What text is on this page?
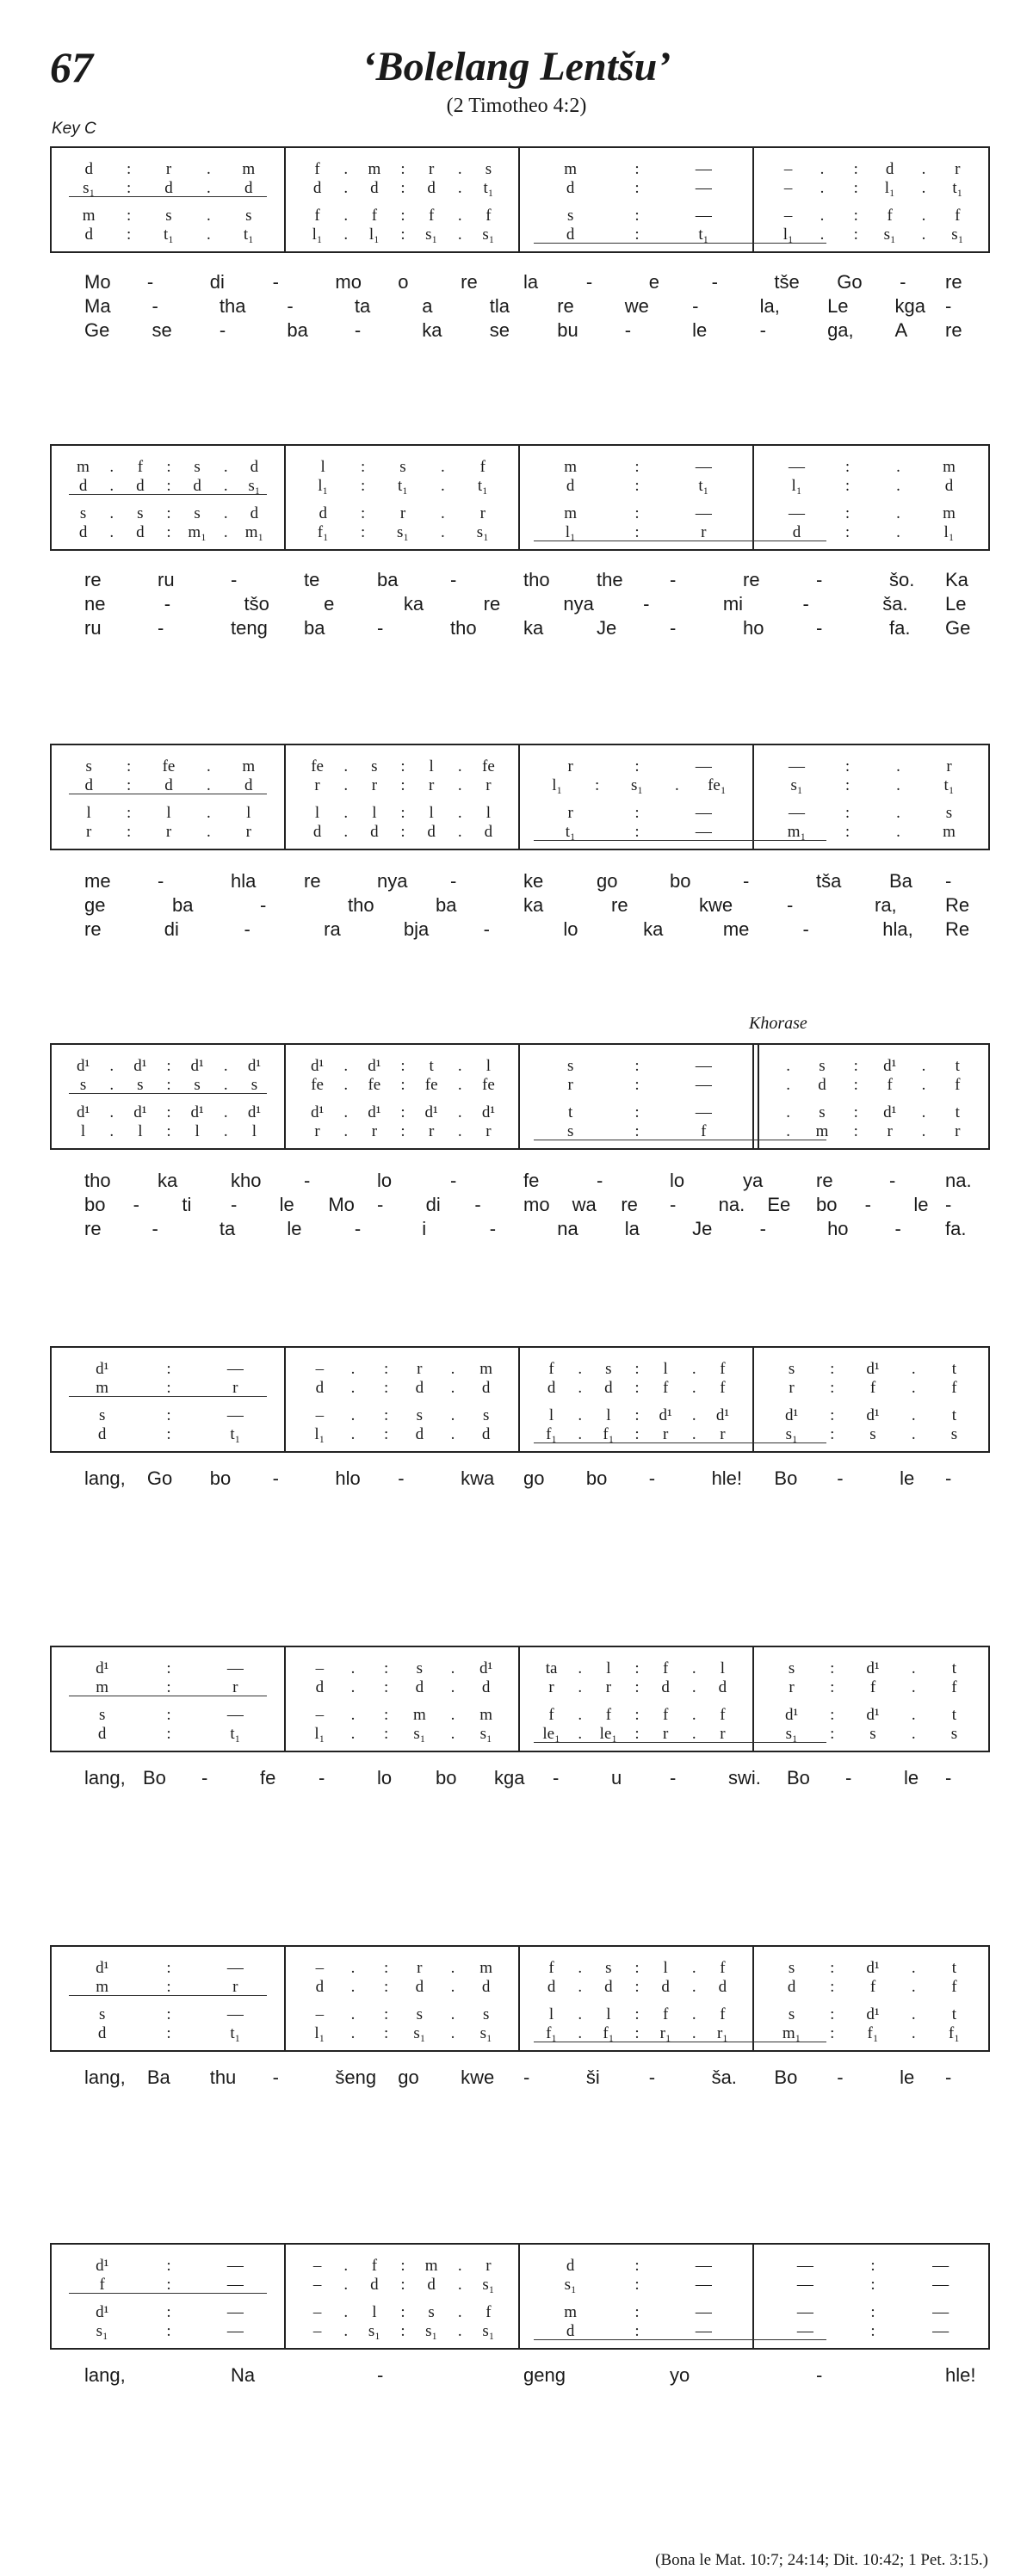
67	‘Bolelang Lentšu’
(2 Timotheo 4:2)
Key C
Khorase
d	:	r	.	m	f	.	m	:	r	.	s	m	:	—	–	.	:	d	.	r
s₁	:	d	.	d	d	.	d	:	d	.	t₁	d	:	—	–	.	:	l₁	.	t₁
m	:	s	.	s	f	.	f	:	f	.	f	s	:	—	–	.	:	f	.	f
d	:	t₁	.	t₁	l₁	.	l₁	:	s₁	.	s₁	d	:	t₁	l₁	.	:	s₁	.	s₁
Mo -	di	-	mo o	re la	-	e	-	tše Go - re
Ma -	tha -	ta	a	tla	re	we -	la,	Le kga -
Ge se	-	ba -	ka	se	bu -	le	-	ga, A re
m	.	f	:	s	.	d	l	:	s	.	f	m	:	—	—	:	.	m
d	.	d	:	d	.	s₁	l₁	:	t₁	.	t₁	d	:	t₁	l₁	:	.	d
s	.	s	:	s	.	d	d	:	r	.	r	m	:	—	—	:	.	m
d	.	d	:	m₁	.	m₁	f₁	:	s₁	.	s₁	l₁	:	r	d	:	.	l₁
re	ru	-	te	ba	-	tho the -	re	-	šo. Ka
ne	-	tšo	e	ka	re	nya	-	mi	-	ša. Le
ru	-	teng ba	-	tho ka	Je	-	ho	-	fa. Ge
s	:	fe	.	m	fe	.	s	:	l	.	fe	r	:	—	—	:	.	r
d	:	d	.	d	r	.	r	:	r	.	r	l₁	:	s₁	.	fe₁	s₁	:	.	t₁
l	:	l	.	l	l	.	l	:	l	.	l	r	:	—	—	:	.	s
r	:	r	.	r	d	.	d	:	d	.	d	t₁	:	—	m₁	:	.	m
me -	hla	re	nya -	ke	go	bo	-	tša	Ba -
ge	ba	-	tho	ba	ka	re	kwe	-	ra,	Re
re	di	-	ra	bja	-	lo	ka	me	-	hla, Re
d¹	.	d¹	:	d¹	.	d¹	d¹	.	d¹	:	t	.	l	s	:	—	.	s	:	d¹	.	t
s	.	s	:	s	.	s	fe	.	fe	:	fe	.	fe	r	:	—	.	d	:	f	.	f
d¹	.	d¹	:	d¹	.	d¹	d¹	.	d¹	:	d¹	.	d¹	t	:	—	.	s	:	d¹	.	t
l	.	l	:	l	.	l	r	.	r	:	r	.	r	s	:	f	.	m	:	r	.	r
tho ka	kho -	lo	-	fe	-	lo	ya	re	-	na.
bo - ti - le Mo - di - mo wa re - na. Ee bo - le -
re	-	ta	le	-	i	-	na la	Je	-	ho - fa.
d¹	:	—	–	.	:	r	.	m	f	.	s	:	l	.	f	s	:	d¹	.	t
m	:	r	d	.	:	d	.	d	d	.	d	:	f	.	f	r	:	f	.	f
s	:	—	–	.	:	s	.	s	l	.	l	:	d¹	.	d¹	d¹	:	d¹	.	t
d	:	t₁	l₁	.	:	d	.	d	f₁	.	f₁	:	r	.	r	s₁	:	s	.	s
lang, Go bo -	hlo -	kwa go bo -	hle! Bo -	le -
d¹	:	—	–	.	:	s	.	d¹	ta	.	l	:	f	.	l	s	:	d¹	.	t
m	:	r	d	.	:	d	.	d	r	.	r	:	d	.	d	r	:	f	.	f
s	:	—	–	.	:	m	.	m	f	.	f	:	f	.	f	d¹	:	d¹	.	t
d	:	t₁	l₁	.	:	s₁	.	s₁	le₁	.	le₁	:	r	.	r	s₁	:	s	.	s
lang, Bo -	fe -	lo bo kga -	u	-	swi. Bo -	le -
d¹	:	—	–	.	:	r	.	m	f	.	s	:	l	.	f	s	:	d¹	.	t
m	:	r	d	.	:	d	.	d	d	.	d	:	d	.	d	d	:	f	.	f
s	:	—	–	.	:	s	.	s	l	.	l	:	f	.	f	s	:	d¹	.	t
d	:	t₁	l₁	.	:	s₁	.	s₁	f₁	.	f₁	:	r₁	.	r₁	m₁	:	f₁	.	f₁
lang, Ba thu -	šeng go kwe -	ši	-	ša. Bo -	le -
d¹	:	—	–	.	f	:	m	.	r	d	:	—	—	:	—
f	:	—	–	.	d	:	d	.	s₁	s₁	:	—	—	:	—
d¹	:	—	–	.	l	:	s	.	f	m	:	—	—	:	—
s₁	:	—	–	.	s₁	:	s₁	.	s₁	d	:	—	—	:	—
lang,	Na	-	geng	yo	-	hle!
(Bona le Mat. 10:7; 24:14; Dit. 10:42; 1 Pet. 3:15.)
